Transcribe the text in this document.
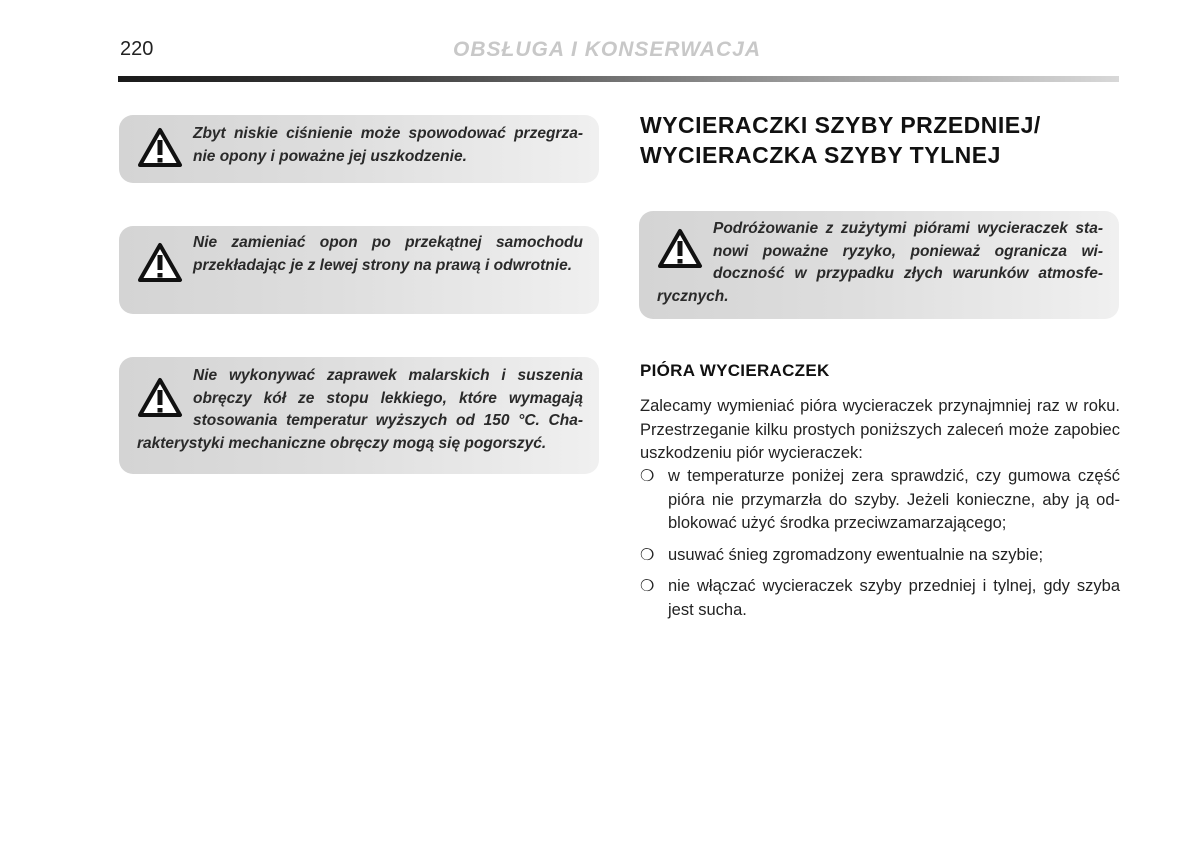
220	OBSŁUGA I KONSERWACJA

Zbyt niskie ciśnienie może spowodować przegrza-nie opony i poważne jej uszkodzenie.

Nie zamieniać opon po przekątnej samochodu przekładając je z lewej strony na prawą i odwrotnie.

Nie wykonywać zaprawek malarskich i suszenia obręczy kół ze stopu lekkiego, które wymagają stosowania temperatur wyższych od 150 °C. Cha-rakterystyki mechaniczne obręczy mogą się pogorszyć.

WYCIERACZKI SZYBY PRZEDNIEJ/
WYCIERACZKA SZYBY TYLNEJ

Podróżowanie z zużytymi piórami wycieraczek sta-nowi poważne ryzyko, ponieważ ogranicza wi-doczność w przypadku złych warunków atmosfe-rycznych.

PIÓRA WYCIERACZEK

Zalecamy wymieniać pióra wycieraczek przynajmniej raz w roku. Przestrzeganie kilku prostych poniższych zaleceń może zapobiec uszkodzeniu piór wycieraczek:

❍ w temperaturze poniżej zera sprawdzić, czy gumowa część pióra nie przymarzła do szyby. Jeżeli konieczne, aby ją od-blokować użyć środka przeciwzamarzającego;
❍ usuwać śnieg zgromadzony ewentualnie na szybie;
❍ nie włączać wycieraczek szyby przedniej i tylnej, gdy szyba jest sucha.
